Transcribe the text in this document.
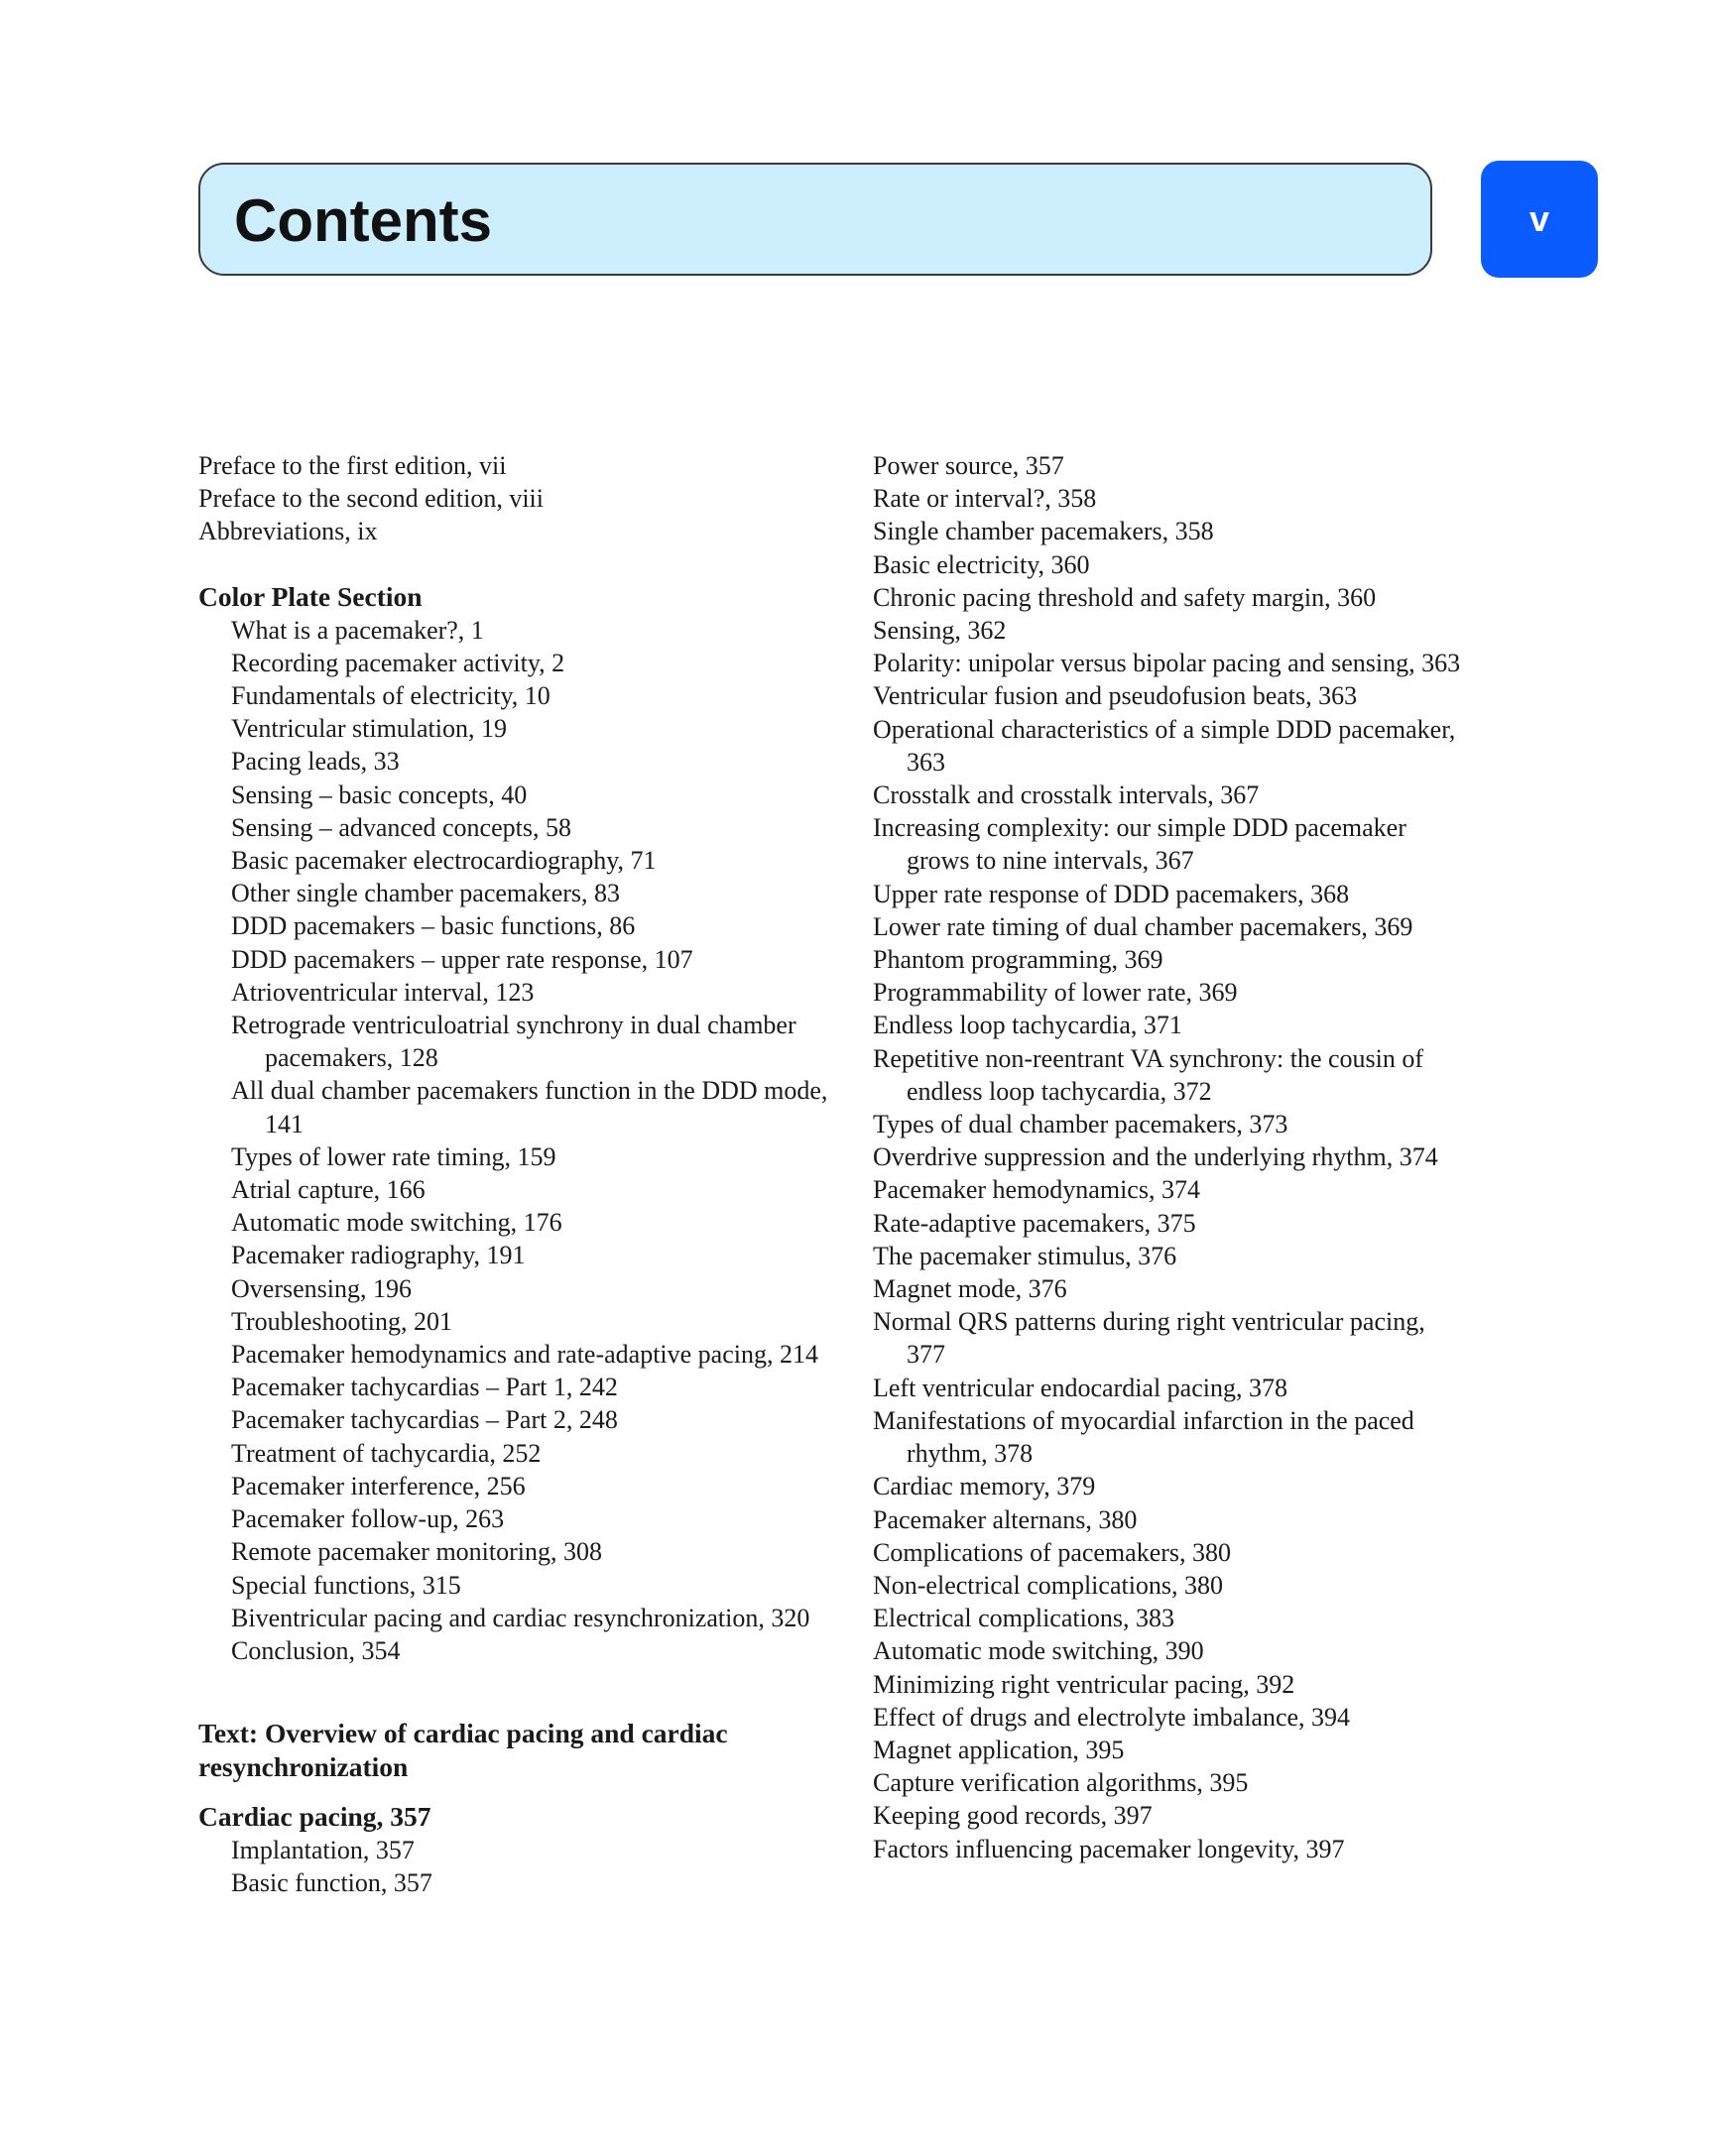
Contents	v
Preface to the first edition, vii
Preface to the second edition, viii
Abbreviations, ix
Color Plate Section
What is a pacemaker?, 1
Recording pacemaker activity, 2
Fundamentals of electricity, 10
Ventricular stimulation, 19
Pacing leads, 33
Sensing – basic concepts, 40
Sensing – advanced concepts, 58
Basic pacemaker electrocardiography, 71
Other single chamber pacemakers, 83
DDD pacemakers – basic functions, 86
DDD pacemakers – upper rate response, 107
Atrioventricular interval, 123
Retrograde ventriculoatrial synchrony in dual chamber pacemakers, 128
All dual chamber pacemakers function in the DDD mode, 141
Types of lower rate timing, 159
Atrial capture, 166
Automatic mode switching, 176
Pacemaker radiography, 191
Oversensing, 196
Troubleshooting, 201
Pacemaker hemodynamics and rate-adaptive pacing, 214
Pacemaker tachycardias – Part 1, 242
Pacemaker tachycardias – Part 2, 248
Treatment of tachycardia, 252
Pacemaker interference, 256
Pacemaker follow-up, 263
Remote pacemaker monitoring, 308
Special functions, 315
Biventricular pacing and cardiac resynchronization, 320
Conclusion, 354
Text: Overview of cardiac pacing and cardiac resynchronization
Cardiac pacing, 357
Implantation, 357
Basic function, 357
Power source, 357
Rate or interval?, 358
Single chamber pacemakers, 358
Basic electricity, 360
Chronic pacing threshold and safety margin, 360
Sensing, 362
Polarity: unipolar versus bipolar pacing and sensing, 363
Ventricular fusion and pseudofusion beats, 363
Operational characteristics of a simple DDD pacemaker, 363
Crosstalk and crosstalk intervals, 367
Increasing complexity: our simple DDD pacemaker grows to nine intervals, 367
Upper rate response of DDD pacemakers, 368
Lower rate timing of dual chamber pacemakers, 369
Phantom programming, 369
Programmability of lower rate, 369
Endless loop tachycardia, 371
Repetitive non-reentrant VA synchrony: the cousin of endless loop tachycardia, 372
Types of dual chamber pacemakers, 373
Overdrive suppression and the underlying rhythm, 374
Pacemaker hemodynamics, 374
Rate-adaptive pacemakers, 375
The pacemaker stimulus, 376
Magnet mode, 376
Normal QRS patterns during right ventricular pacing, 377
Left ventricular endocardial pacing, 378
Manifestations of myocardial infarction in the paced rhythm, 378
Cardiac memory, 379
Pacemaker alternans, 380
Complications of pacemakers, 380
Non-electrical complications, 380
Electrical complications, 383
Automatic mode switching, 390
Minimizing right ventricular pacing, 392
Effect of drugs and electrolyte imbalance, 394
Magnet application, 395
Capture verification algorithms, 395
Keeping good records, 397
Factors influencing pacemaker longevity, 397
